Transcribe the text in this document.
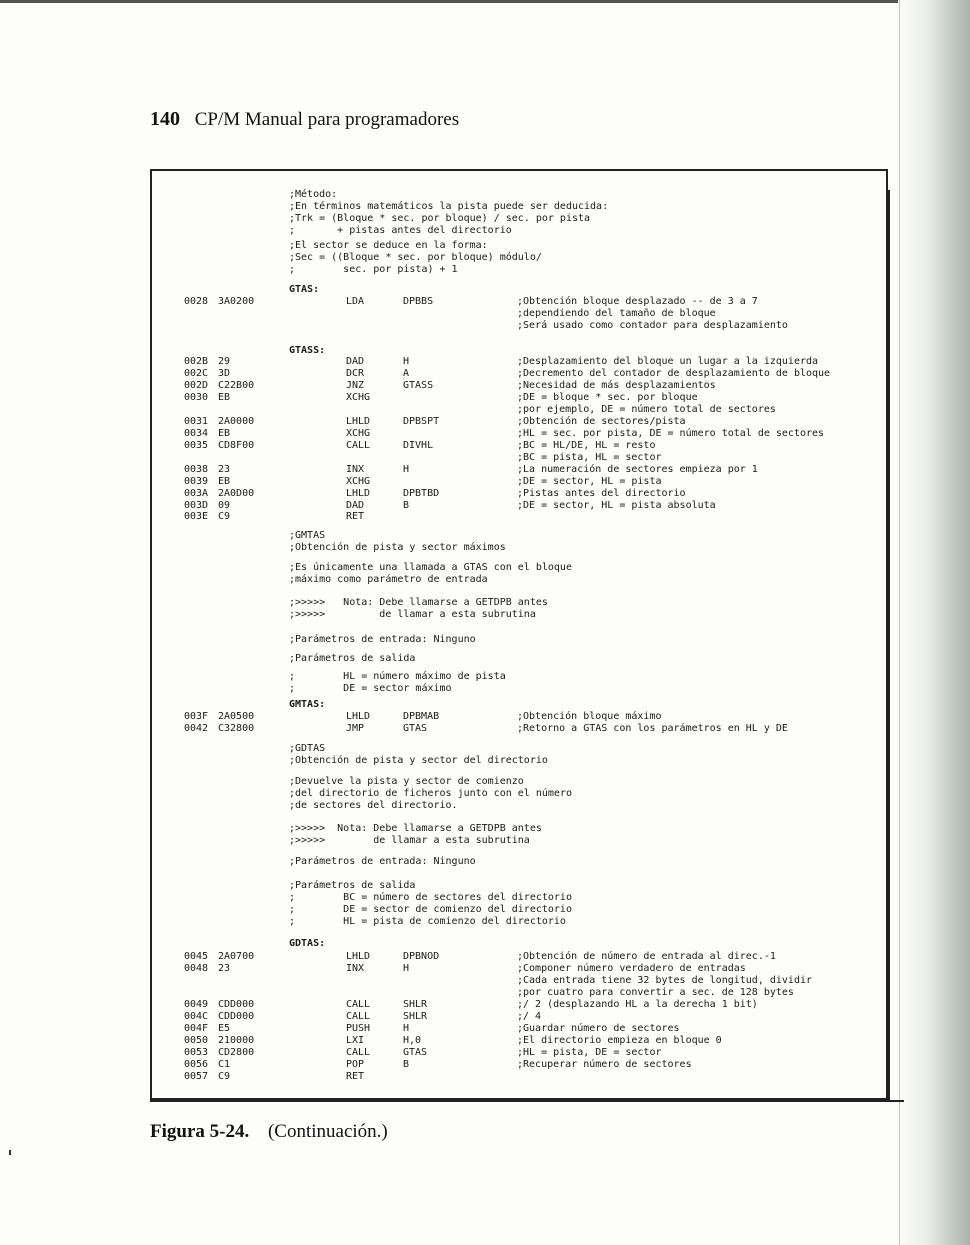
140 CP/M Manual para programadores
;Método:
;En términos matemáticos la pista puede ser deducida:
;Trk = (Bloque * sec. por bloque) / sec. por pista
;       + pistas antes del directorio
;El sector se deduce en la forma:
;Sec = ((Bloque * sec. por bloque) módulo/
;        sec. por pista) + 1
GTAS:
0028 3A0200	LDA	DPBBS	;Obtención bloque desplazado -- de 3 a 7
;dependiendo del tamaño de bloque
;Será usado como contador para desplazamiento
GTASS:
002B 29	DAD	H	;Desplazamiento del bloque un lugar a la izquierda
002C 3D	DCR	A	;Decremento del contador de desplazamiento de bloque
002D C22B00	JNZ	GTASS	;Necesidad de más desplazamientos
0030 EB	XCHG	;DE = bloque * sec. por bloque
;por ejemplo, DE = número total de sectores
0031 2A0000	LHLD	DPBSPT	;Obtención de sectores/pista
0034 EB	XCHG	;HL = sec. por pista, DE = número total de sectores
0035 CD8F00	CALL	DIVHL	;BC = HL/DE, HL = resto
;BC = pista, HL = sector
0038 23	INX	H	;La numeración de sectores empieza por 1
0039 EB	XCHG	;DE = sector, HL = pista
003A 2A0D00	LHLD	DPBTBD	;Pistas antes del directorio
003D 09	DAD	B	;DE = sector, HL = pista absoluta
003E C9	RET
;GMTAS
;Obtención de pista y sector máximos
;Es únicamente una llamada a GTAS con el bloque
;máximo como parámetro de entrada
;>>>>>   Nota: Debe llamarse a GETDPB antes
;>>>>>         de llamar a esta subrutina
;Parámetros de entrada: Ninguno
;Parámetros de salida
;        HL = número máximo de pista
;        DE = sector máximo
GMTAS:
003F 2A0500	LHLD	DPBMAB	;Obtención bloque máximo
0042 C32800	JMP	GTAS	;Retorno a GTAS con los parámetros en HL y DE
;GDTAS
;Obtención de pista y sector del directorio
;Devuelve la pista y sector de comienzo
;del directorio de ficheros junto con el número
;de sectores del directorio.
;>>>>>  Nota: Debe llamarse a GETDPB antes
;>>>>>        de llamar a esta subrutina
;Parámetros de entrada: Ninguno
;Parámetros de salida
;        BC = número de sectores del directorio
;        DE = sector de comienzo del directorio
;        HL = pista de comienzo del directorio
GDTAS:
0045 2A0700	LHLD	DPBNOD	;Obtención de número de entrada al direc.-1
0048 23	INX	H	;Componer número verdadero de entradas
;Cada entrada tiene 32 bytes de longitud, dividir
;por cuatro para convertir a sec. de 128 bytes
0049 CDD000	CALL	SHLR	;/ 2 (desplazando HL a la derecha 1 bit)
004C CDD000	CALL	SHLR	;/ 4
004F E5	PUSH	H	;Guardar número de sectores
0050 210000	LXI	H,0	;El directorio empieza en bloque 0
0053 CD2800	CALL	GTAS	;HL = pista, DE = sector
0056 C1	POP	B	;Recuperar número de sectores
0057 C9	RET
Figura 5-24. (Continuación.)
